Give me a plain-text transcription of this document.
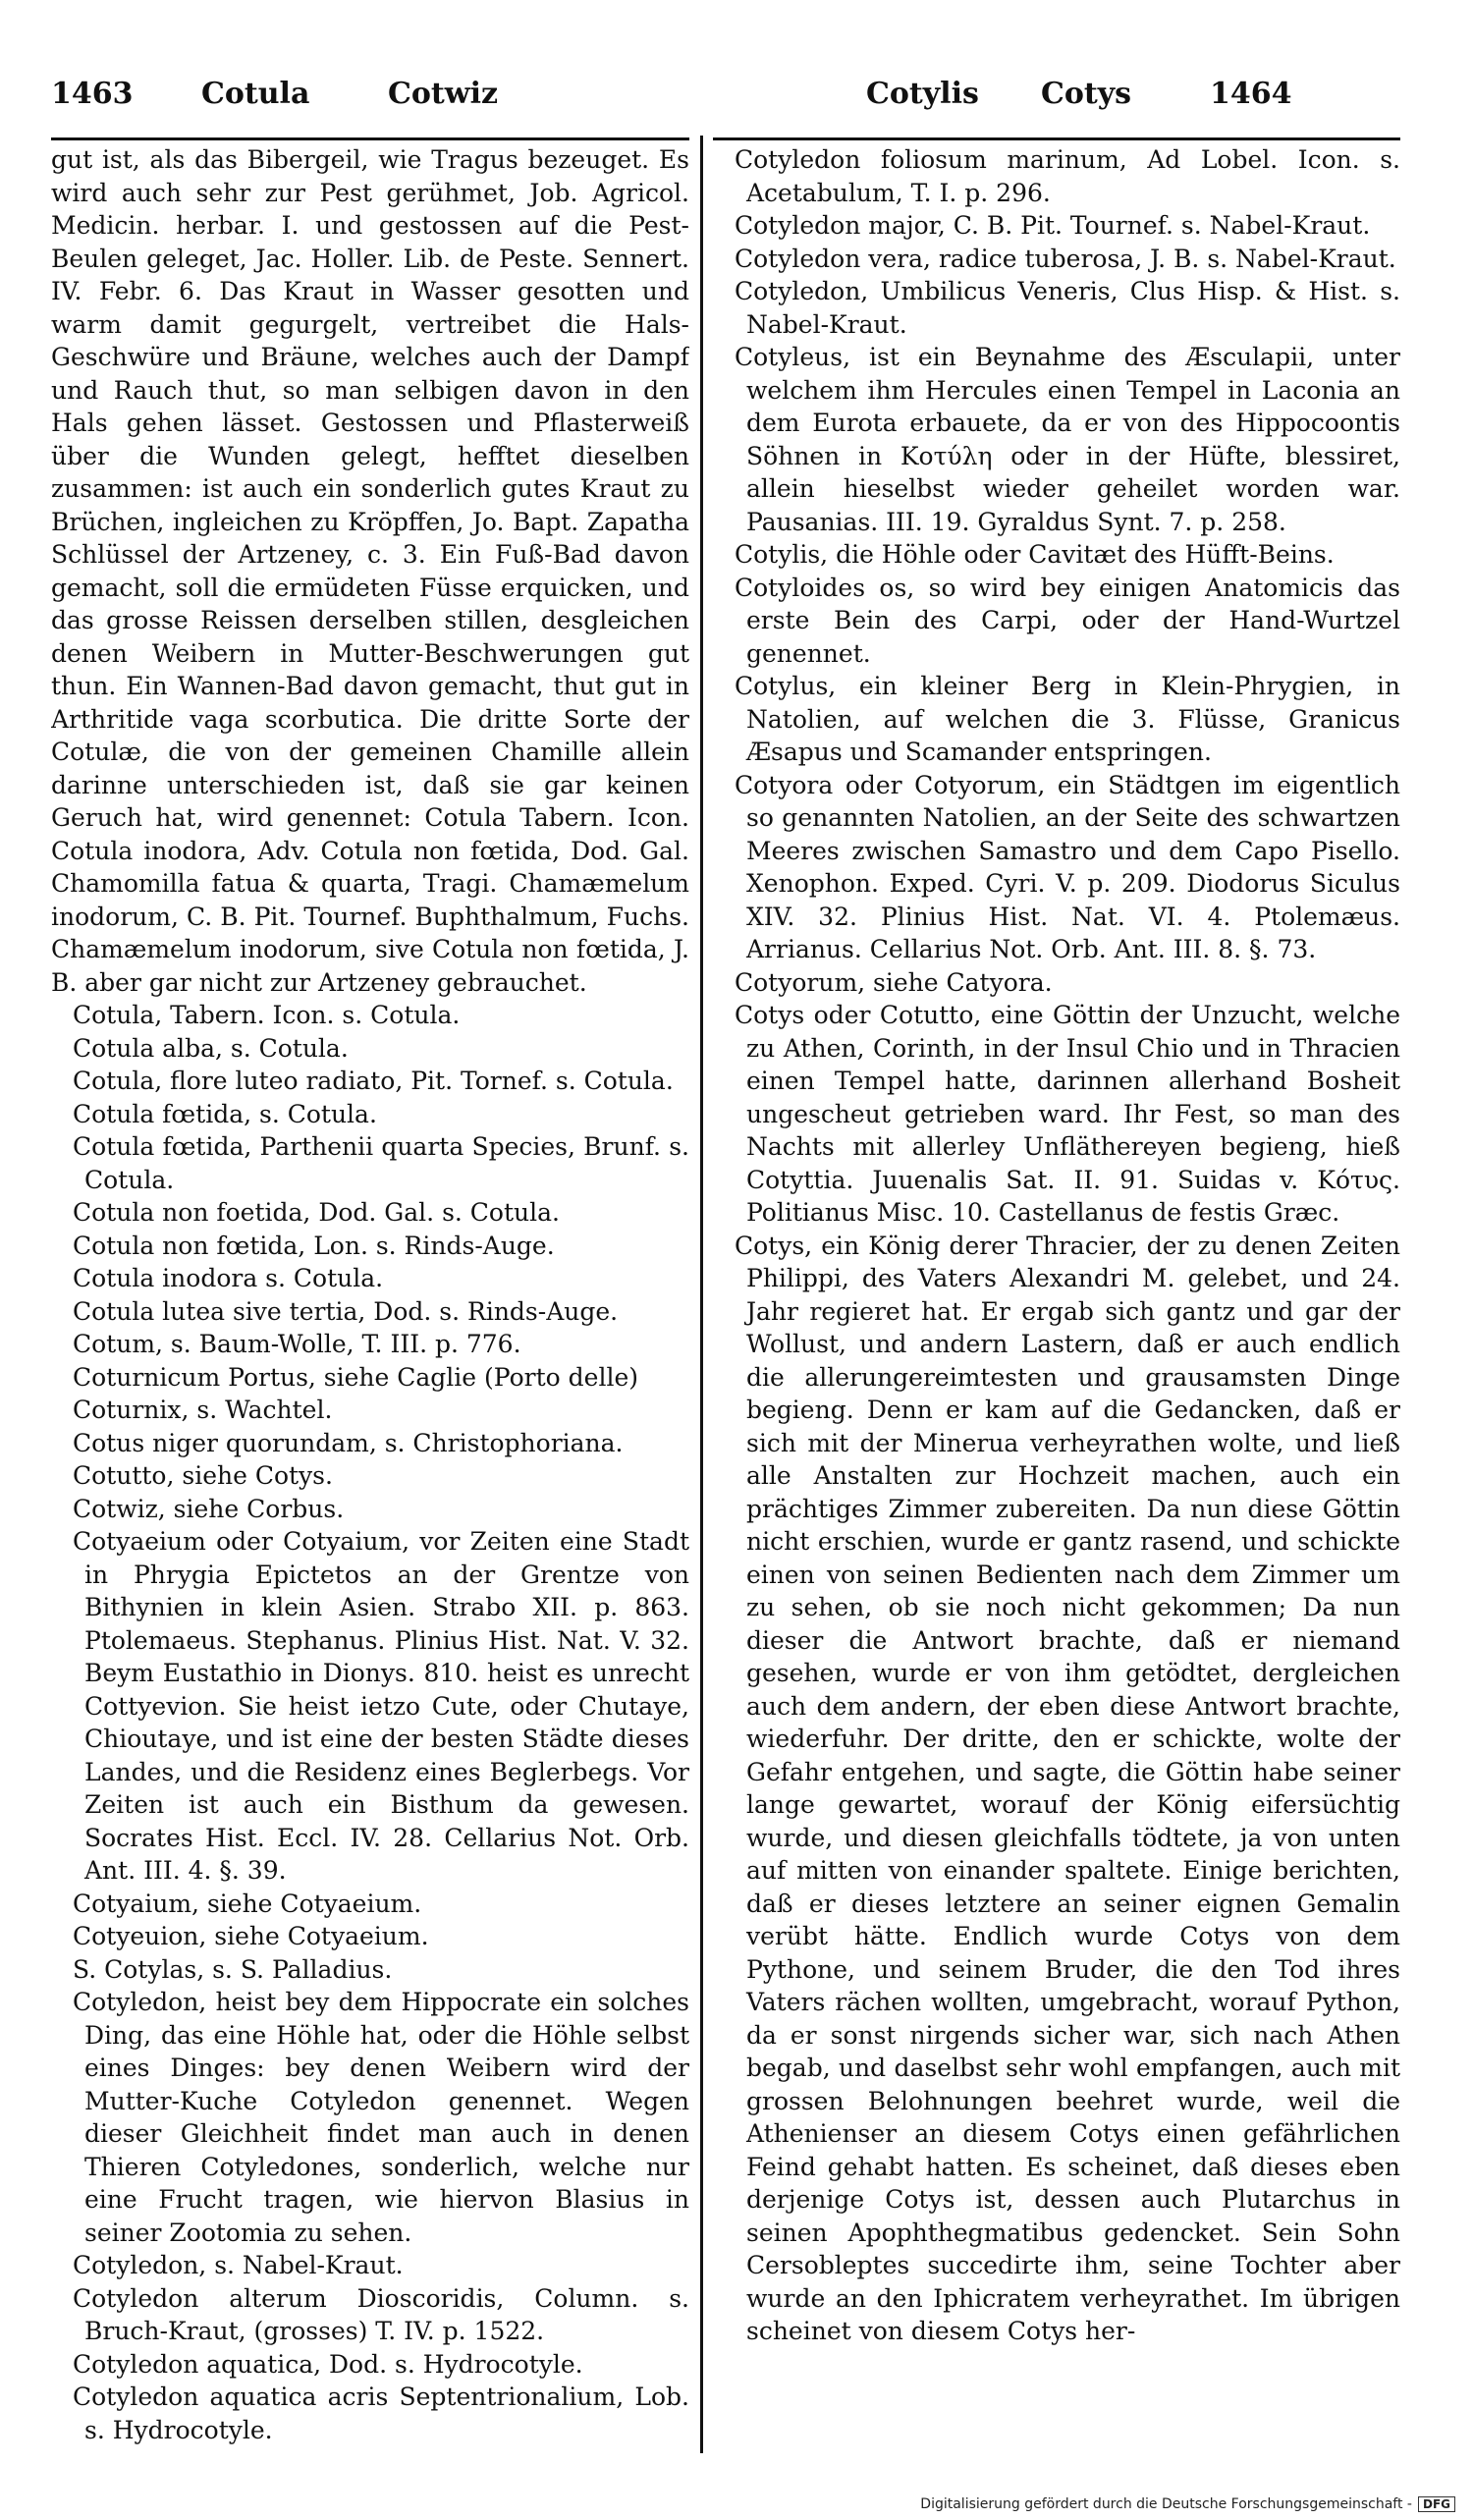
1463 Cotula	Cotwiz	Cotylis Cotys	1464

gut ist, als das Bibergeil, wie Tragus bezeuget. Es wird auch sehr zur Pest gerühmet, Job. Agricol. Medicin. herbar. I. und gestossen auf die Pest-Beulen geleget, Jac. Holler. Lib. de Peste. Sennert. IV. Febr. 6. Das Kraut in Wasser gesotten und warm damit gegurgelt, vertreibet die Hals-Geschwüre und Bräune, welches auch der Dampf und Rauch thut, so man selbigen davon in den Hals gehen lässet. Gestossen und Pflasterweiß über die Wunden gelegt, hefftet dieselben zusammen: ist auch ein sonderlich gutes Kraut zu Brüchen, ingleichen zu Kröpffen, Jo. Bapt. Zapatha Schlüssel der Artzeney, c. 3. Ein Fuß-Bad davon gemacht, soll die ermüdeten Füsse erquicken, und das grosse Reissen derselben stillen, desgleichen denen Weibern in Mutter-Beschwerungen gut thun. Ein Wannen-Bad davon gemacht, thut gut in Arthritide vaga scorbutica. Die dritte Sorte der Cotulæ, die von der gemeinen Chamille allein darinne unterschieden ist, daß sie gar keinen Geruch hat, wird genennet: Cotula Tabern. Icon. Cotula inodora, Adv. Cotula non fœtida, Dod. Gal. Chamomilla fatua & quarta, Tragi. Chamæmelum inodorum, C. B. Pit. Tournef. Buphthalmum, Fuchs. Chamæmelum inodorum, sive Cotula non fœtida, J. B. aber gar nicht zur Artzeney gebrauchet.

Cotula, Tabern. Icon. s. Cotula.

Cotula alba, s. Cotula.

Cotula, flore luteo radiato, Pit. Tornef. s. Cotula.

Cotula fœtida, s. Cotula.

Cotula fœtida, Parthenii quarta Species, Brunf. s. Cotula.

Cotula non foetida, Dod. Gal. s. Cotula.

Cotula non fœtida, Lon. s. Rinds-Auge.

Cotula inodora s. Cotula.

Cotula lutea sive tertia, Dod. s. Rinds-Auge.

Cotum, s. Baum-Wolle, T. III. p. 776.

Coturnicum Portus, siehe Caglie (Porto delle)

Coturnix, s. Wachtel.

Cotus niger quorundam, s. Christophoriana.

Cotutto, siehe Cotys.

Cotwiz, siehe Corbus.

Cotyaeium oder Cotyaium, vor Zeiten eine Stadt in Phrygia Epictetos an der Grentze von Bithynien in klein Asien. Strabo XII. p. 863. Ptolemaeus. Stephanus. Plinius Hist. Nat. V. 32. Beym Eustathio in Dionys. 810. heist es unrecht Cottyevion. Sie heist ietzo Cute, oder Chutaye, Chioutaye, und ist eine der besten Städte dieses Landes, und die Residenz eines Beglerbegs. Vor Zeiten ist auch ein Bisthum da gewesen. Socrates Hist. Eccl. IV. 28. Cellarius Not. Orb. Ant. III. 4. §. 39.

Cotyaium, siehe Cotyaeium.

Cotyeuion, siehe Cotyaeium.

S. Cotylas, s. S. Palladius.

Cotyledon, heist bey dem Hippocrate ein solches Ding, das eine Höhle hat, oder die Höhle selbst eines Dinges: bey denen Weibern wird der Mutter-Kuche Cotyledon genennet. Wegen dieser Gleichheit findet man auch in denen Thieren Cotyledones, sonderlich, welche nur eine Frucht tragen, wie hiervon Blasius in seiner Zootomia zu sehen.

Cotyledon, s. Nabel-Kraut.

Cotyledon alterum Dioscoridis, Column. s. Bruch-Kraut, (grosses) T. IV. p. 1522.

Cotyledon aquatica, Dod. s. Hydrocotyle.

Cotyledon aquatica acris Septentrionalium, Lob. s. Hydrocotyle.

Cotyledon foliosum marinum, Ad Lobel. Icon. s. Acetabulum, T. I. p. 296.

Cotyledon major, C. B. Pit. Tournef. s. Nabel-Kraut.

Cotyledon vera, radice tuberosa, J. B. s. Nabel-Kraut.

Cotyledon, Umbilicus Veneris, Clus Hisp. & Hist. s. Nabel-Kraut.

Cotyleus, ist ein Beynahme des Æsculapii, unter welchem ihm Hercules einen Tempel in Laconia an dem Eurota erbauete, da er von des Hippocoontis Söhnen in Κοτύλη oder in der Hüfte, blessiret, allein hieselbst wieder geheilet worden war. Pausanias. III. 19. Gyraldus Synt. 7. p. 258.

Cotylis, die Höhle oder Cavitæt des Hüfft-Beins.

Cotyloides os, so wird bey einigen Anatomicis das erste Bein des Carpi, oder der Hand-Wurtzel genennet.

Cotylus, ein kleiner Berg in Klein-Phrygien, in Natolien, auf welchen die 3. Flüsse, Granicus Æsapus und Scamander entspringen.

Cotyora oder Cotyorum, ein Städtgen im eigentlich so genannten Natolien, an der Seite des schwartzen Meeres zwischen Samastro und dem Capo Pisello. Xenophon. Exped. Cyri. V. p. 209. Diodorus Siculus XIV. 32. Plinius Hist. Nat. VI. 4. Ptolemæus. Arrianus. Cellarius Not. Orb. Ant. III. 8. §. 73.

Cotyorum, siehe Catyora.

Cotys oder Cotutto, eine Göttin der Unzucht, welche zu Athen, Corinth, in der Insul Chio und in Thracien einen Tempel hatte, darinnen allerhand Bosheit ungescheut getrieben ward. Ihr Fest, so man des Nachts mit allerley Unfläthereyen begieng, hieß Cotyttia. Juuenalis Sat. II. 91. Suidas v. Κότυς. Politianus Misc. 10. Castellanus de festis Græc.

Cotys, ein König derer Thracier, der zu denen Zeiten Philippi, des Vaters Alexandri M. gelebet, und 24. Jahr regieret hat. Er ergab sich gantz und gar der Wollust, und andern Lastern, daß er auch endlich die allerungereimtesten und grausamsten Dinge begieng. Denn er kam auf die Gedancken, daß er sich mit der Minerua verheyrathen wolte, und ließ alle Anstalten zur Hochzeit machen, auch ein prächtiges Zimmer zubereiten. Da nun diese Göttin nicht erschien, wurde er gantz rasend, und schickte einen von seinen Bedienten nach dem Zimmer um zu sehen, ob sie noch nicht gekommen; Da nun dieser die Antwort brachte, daß er niemand gesehen, wurde er von ihm getödtet, dergleichen auch dem andern, der eben diese Antwort brachte, wiederfuhr. Der dritte, den er schickte, wolte der Gefahr entgehen, und sagte, die Göttin habe seiner lange gewartet, worauf der König eifersüchtig wurde, und diesen gleichfalls tödtete, ja von unten auf mitten von einander spaltete. Einige berichten, daß er dieses letztere an seiner eignen Gemalin verübt hätte. Endlich wurde Cotys von dem Pythone, und seinem Bruder, die den Tod ihres Vaters rächen wollten, umgebracht, worauf Python, da er sonst nirgends sicher war, sich nach Athen begab, und daselbst sehr wohl empfangen, auch mit grossen Belohnungen beehret wurde, weil die Athenienser an diesem Cotys einen gefährlichen Feind gehabt hatten. Es scheinet, daß dieses eben derjenige Cotys ist, dessen auch Plutarchus in seinen Apophthegmatibus gedencket. Sein Sohn Cersobleptes succedirte ihm, seine Tochter aber wurde an den Iphicratem verheyrathet. Im übrigen scheinet von diesem Cotys her-

Digitalisierung gefördert durch die Deutsche Forschungsgemeinschaft - DFG
